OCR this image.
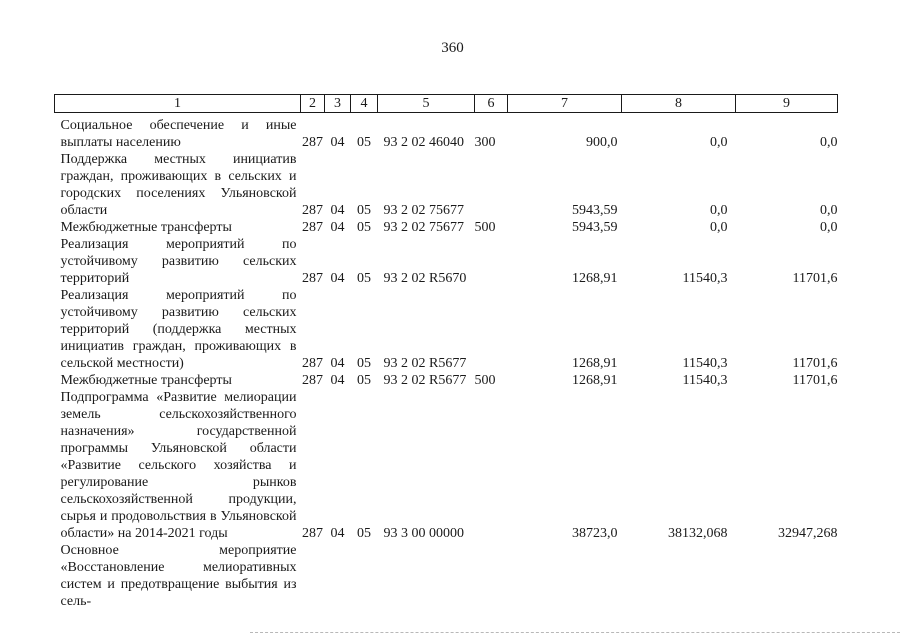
360
1	2	3	4	5	6	7	8	9

Социальное обеспечение и иные выплаты населению	287	04	05	93 2 02 46040	300	900,0	0,0	0,0
Поддержка местных инициатив граждан, проживающих в сельских и городских поселениях Ульяновской области	287	04	05	93 2 02 75677		5943,59	0,0	0,0
Межбюджетные трансферты	287	04	05	93 2 02 75677	500	5943,59	0,0	0,0
Реализация мероприятий по устойчивому развитию сельских территорий	287	04	05	93 2 02 R5670		1268,91	11540,3	11701,6
Реализация мероприятий по устойчивому развитию сельских территорий (поддержка местных инициатив граждан, проживающих в сельской местности)	287	04	05	93 2 02 R5677		1268,91	11540,3	11701,6
Межбюджетные трансферты	287	04	05	93 2 02 R5677	500	1268,91	11540,3	11701,6
Подпрограмма «Развитие мелиорации земель сельскохозяйственного назначения» государственной программы Ульяновской области «Развитие сельского хозяйства и регулирование рынков сельскохозяйственной продукции, сырья и продовольствия в Ульяновской области» на 2014-2021 годы	287	04	05	93 3 00 00000		38723,0	38132,068	32947,268
Основное мероприятие «Восстановление мелиоративных систем и предотвращение выбытия из сель-								
